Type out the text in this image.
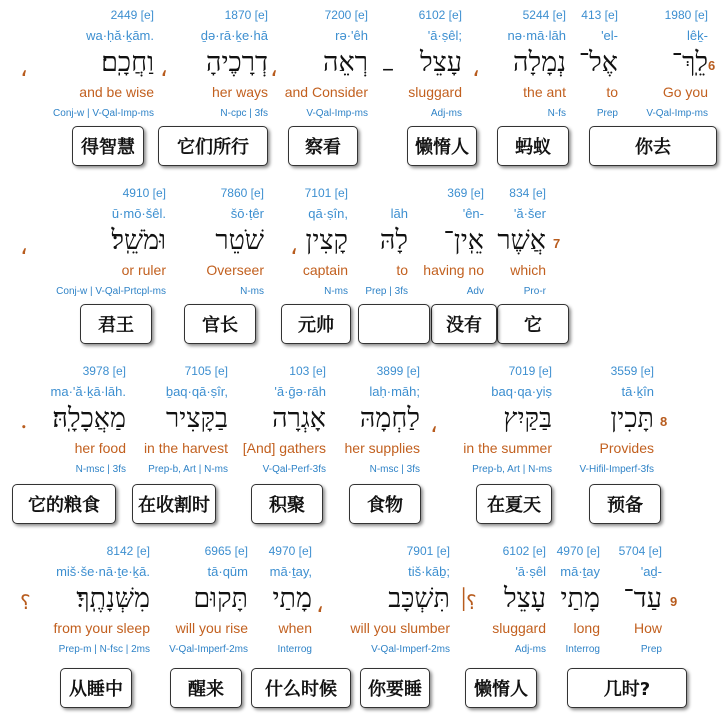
6
1980 [e]
lêḵ-
לֵֽךְ־
Go you
V-Qal-Imp-ms
413 [e]
'el-
אֶל־
to
Prep
5244 [e]
nə·mā·lāh
נְמָלָה
the ant
N-fs
،
6102 [e]
'ā·ṣêl;
עָצֵל
sluggard
Adj-ms
–
7200 [e]
rə·'êh
רְאֵה
and Consider
V-Qal-Imp-ms
،
1870 [e]
ḏə·rā·ḵe·hā
דְרָכֶיהָ
her ways
N-cpc | 3fs
،
2449 [e]
wa·ḥă·ḵām.
וַחֲכָֽם׃
and be wise
Conj-w | V-Qal-Imp-ms
،
你去
蚂蚁
懒惰人
察看
它们所行
得智慧
7
834 [e]
'ă·šer
אֲשֶׁר
which
Pro-r
369 [e]
'ên-
אֵֽין־
having no
Adv
lāh
לָהּ
to
Prep | 3fs
7101 [e]
qā·ṣîn,
קָצִין
captain
N-ms
،
7860 [e]
šō·ṭêr
שֹׁטֵר
Overseer
N-ms
4910 [e]
ū·mō·šêl.
וּמֹשֵֽׁל׃
or ruler
Conj-w | V-Qal-Prtcpl-ms
،
它
没有
元帅
官长
君王
8
3559 [e]
tā·ḵîn
תָּכִין
Provides
V-Hifil-Imperf-3fs
7019 [e]
baq·qa·yiṣ
בַּקַּיִץ
in the summer
Prep-b, Art | N-ms
،
3899 [e]
laḥ·māh;
לַחְמָהּ
her supplies
N-msc | 3fs
103 [e]
'ā·ḡə·rāh
אָגְרָה
[And] gathers
V-Qal-Perf-3fs
7105 [e]
ḇaq·qā·ṣîr,
בַקָּצִיר
in the harvest
Prep-b, Art | N-ms
3978 [e]
ma·'ă·ḵā·lāh.
מַאֲכָלָֽהּ׃
her food
N-msc | 3fs
.
预备
在夏天
食物
积聚
在收割时
它的粮食
9
5704 [e]
'aḏ-
עַד־
How
Prep
4970 [e]
mā·ṯay
מָתַי
long
Interrog
6102 [e]
'ā·ṣêl
עָצֵל
sluggard
Adj-ms
׀
؟
7901 [e]
tiš·kāḇ;
תִּשְׁכָּב
will you slumber
V-Qal-Imperf-2ms
،
4970 [e]
mā·ṯay,
מָתַי
when
Interrog
6965 [e]
tā·qūm
תָּקוּם
will you rise
V-Qal-Imperf-2ms
8142 [e]
miš·še·nā·ṯe·ḵā.
מִשְּׁנָתֶֽךָ׃
from your sleep
Prep-m | N-fsc | 2ms
؟
几时?
懒惰人
你要睡
什么时候
醒来
从睡中
